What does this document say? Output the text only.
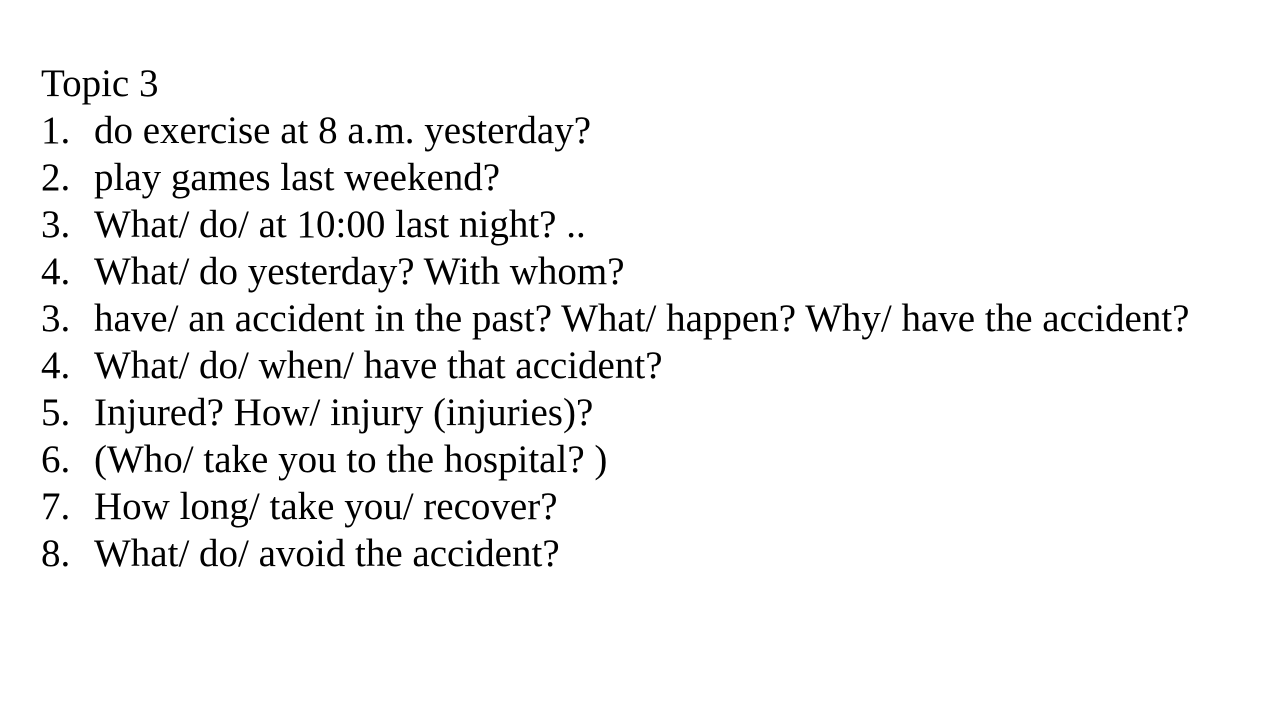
Topic 3
1. do exercise at 8 a.m. yesterday?
2. play games last weekend?
3. What/ do/ at 10:00 last night? ..
4. What/ do yesterday? With whom?
3. have/ an accident in the past? What/ happen? Why/ have the accident?
4. What/ do/ when/ have that accident?
5. Injured? How/ injury (injuries)?
6. (Who/ take you to the hospital? )
7. How long/ take you/ recover?
8. What/ do/ avoid the accident?
